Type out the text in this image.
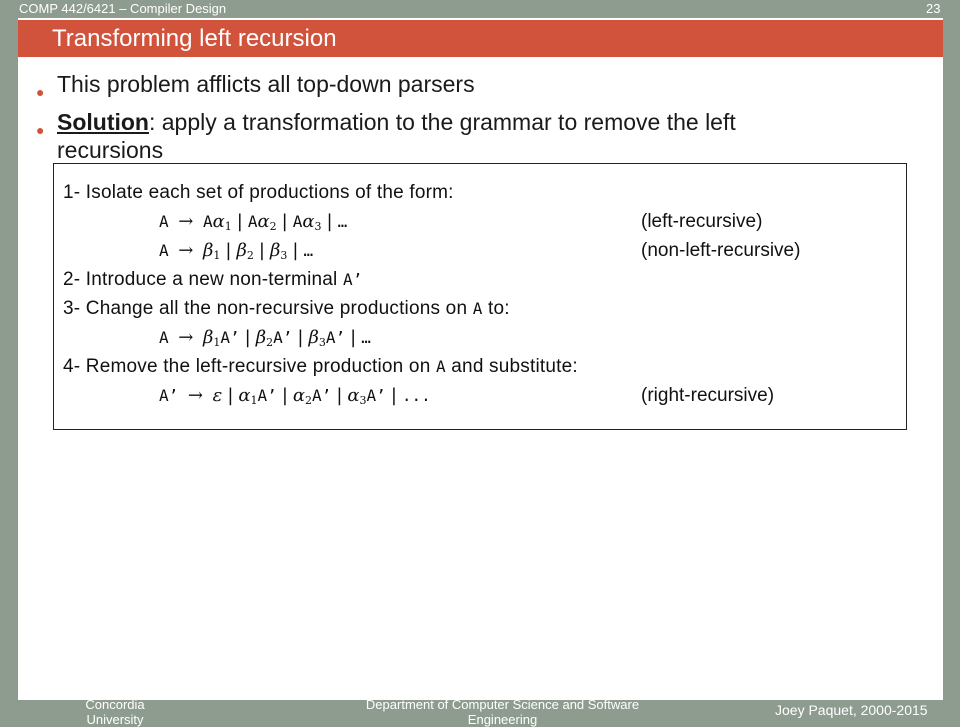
COMP 442/6421 – Compiler Design	23
Transforming left recursion
● This problem afflicts all top-down parsers
● Solution: apply a transformation to the grammar to remove the left
recursions
1- Isolate each set of productions of the form:
$A \to A\alpha_1$ | $A\alpha_2$ | $A\alpha_3$ | …	(left-recursive)
$A \to \beta_1$ | $\beta_2$ | $\beta_3$ | …	(non-left-recursive)
2- Introduce a new non-terminal A’
3- Change all the non-recursive productions on A to:
$A \to \beta_1A$’ | $\beta_2A$’ | $\beta_3A$’ | …
4- Remove the left-recursive production on A and substitute:
A’ → ε | $\alpha_1A$’ | $\alpha_2A$’ | $\alpha_3A$’ | ...	(right-recursive)
Concordia University
Department of Computer Science and Software Engineering
Joey Paquet, 2000-2015
